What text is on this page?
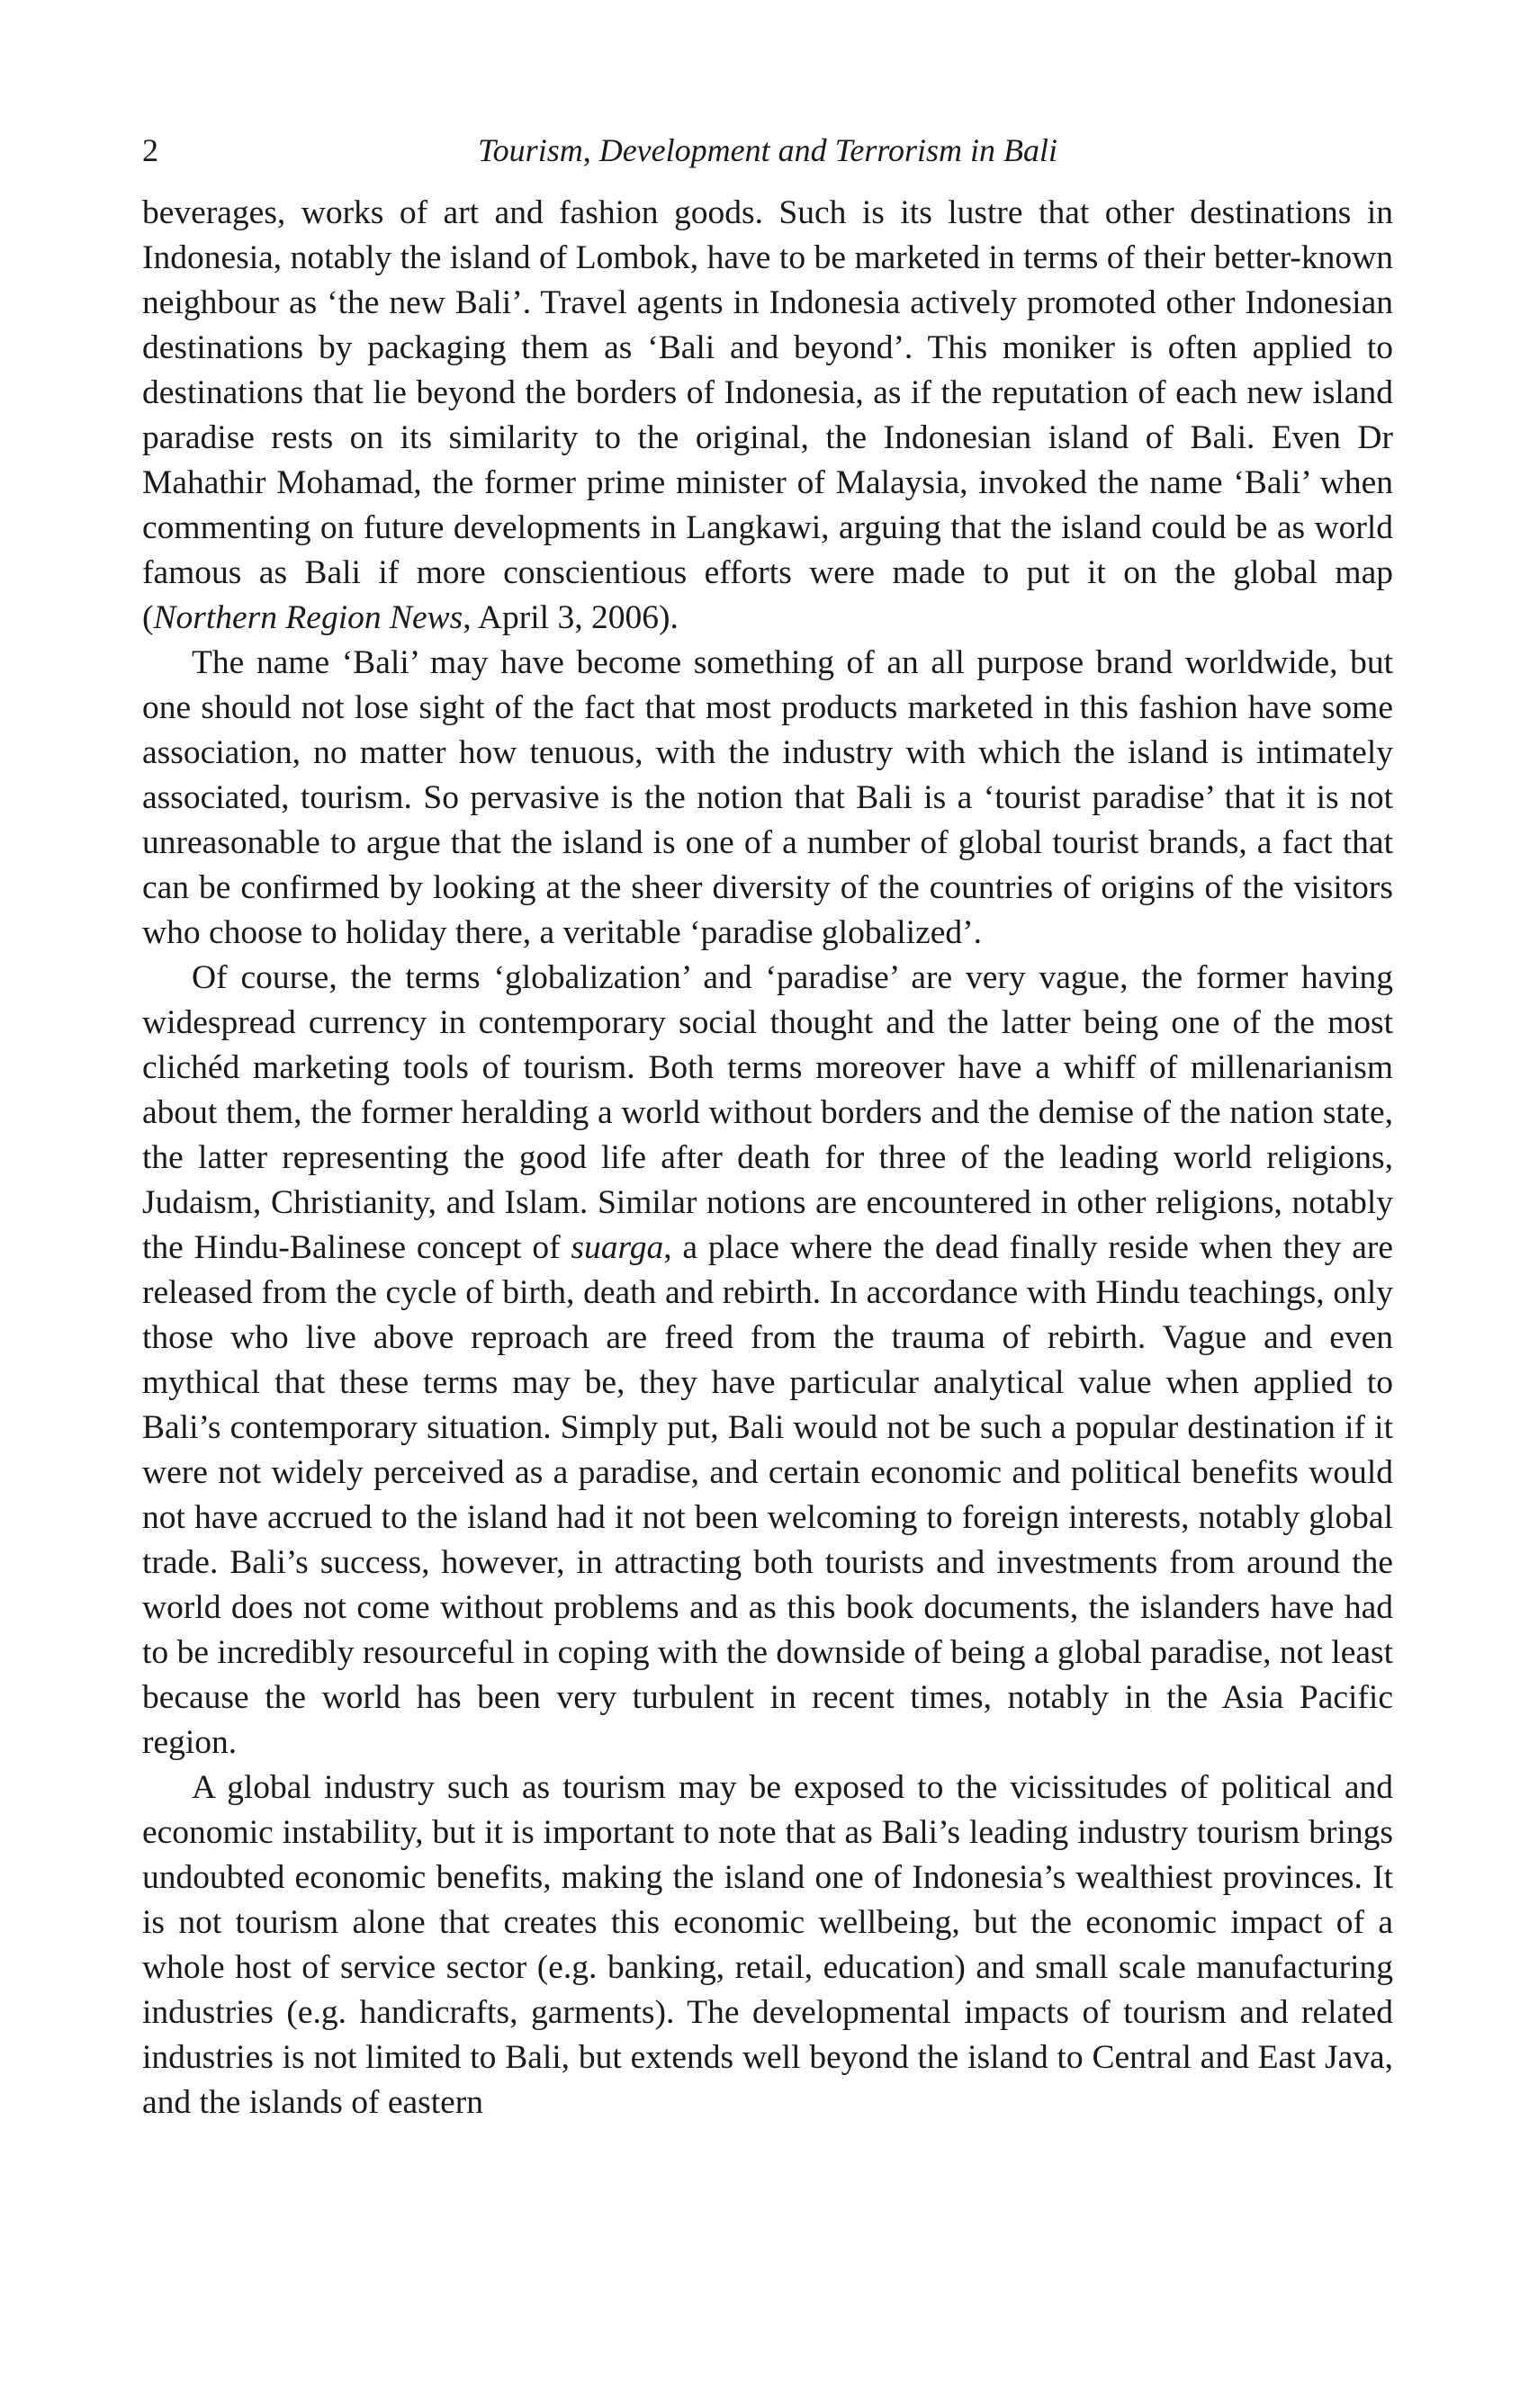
2	Tourism, Development and Terrorism in Bali

beverages, works of art and fashion goods. Such is its lustre that other destinations in Indonesia, notably the island of Lombok, have to be marketed in terms of their better-known neighbour as ‘the new Bali’. Travel agents in Indonesia actively promoted other Indonesian destinations by packaging them as ‘Bali and beyond’. This moniker is often applied to destinations that lie beyond the borders of Indonesia, as if the reputation of each new island paradise rests on its similarity to the original, the Indonesian island of Bali. Even Dr Mahathir Mohamad, the former prime minister of Malaysia, invoked the name ‘Bali’ when commenting on future developments in Langkawi, arguing that the island could be as world famous as Bali if more conscientious efforts were made to put it on the global map (Northern Region News, April 3, 2006).

The name ‘Bali’ may have become something of an all purpose brand worldwide, but one should not lose sight of the fact that most products marketed in this fashion have some association, no matter how tenuous, with the industry with which the island is intimately associated, tourism. So pervasive is the notion that Bali is a ‘tourist paradise’ that it is not unreasonable to argue that the island is one of a number of global tourist brands, a fact that can be confirmed by looking at the sheer diversity of the countries of origins of the visitors who choose to holiday there, a veritable ‘paradise globalized’.

Of course, the terms ‘globalization’ and ‘paradise’ are very vague, the former having widespread currency in contemporary social thought and the latter being one of the most clichéd marketing tools of tourism. Both terms moreover have a whiff of millenarianism about them, the former heralding a world without borders and the demise of the nation state, the latter representing the good life after death for three of the leading world religions, Judaism, Christianity, and Islam. Similar notions are encountered in other religions, notably the Hindu-Balinese concept of suarga, a place where the dead finally reside when they are released from the cycle of birth, death and rebirth. In accordance with Hindu teachings, only those who live above reproach are freed from the trauma of rebirth. Vague and even mythical that these terms may be, they have particular analytical value when applied to Bali’s contemporary situation. Simply put, Bali would not be such a popular destination if it were not widely perceived as a paradise, and certain economic and political benefits would not have accrued to the island had it not been welcoming to foreign interests, notably global trade. Bali’s success, however, in attracting both tourists and investments from around the world does not come without problems and as this book documents, the islanders have had to be incredibly resourceful in coping with the downside of being a global paradise, not least because the world has been very turbulent in recent times, notably in the Asia Pacific region.

A global industry such as tourism may be exposed to the vicissitudes of political and economic instability, but it is important to note that as Bali’s leading industry tourism brings undoubted economic benefits, making the island one of Indonesia’s wealthiest provinces. It is not tourism alone that creates this economic wellbeing, but the economic impact of a whole host of service sector (e.g. banking, retail, education) and small scale manufacturing industries (e.g. handicrafts, garments). The developmental impacts of tourism and related industries is not limited to Bali, but extends well beyond the island to Central and East Java, and the islands of eastern
